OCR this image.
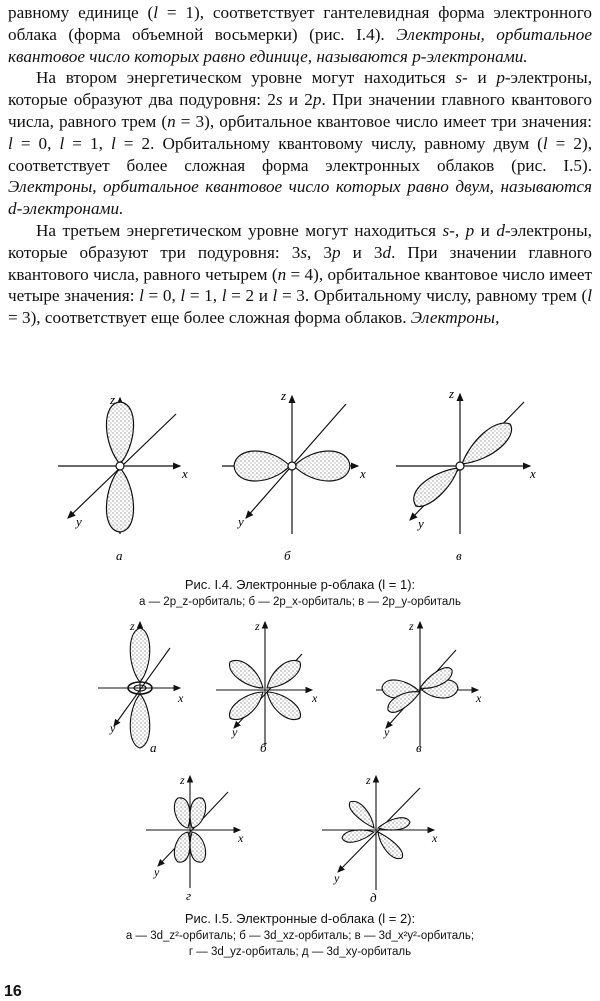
равному единице (l = 1), соответствует гантелевидная форма электронного облака (форма объемной восьмерки) (рис. I.4). Электроны, орбитальное квантовое число которых равно единице, называются p-электронами.

На втором энергетическом уровне могут находиться s- и p-электроны, которые образуют два подуровня: 2s и 2p. При значении главного квантового числа, равного трем (n = 3), орбитальное квантовое число имеет три значения: l = 0, l = 1, l = 2. Орбитальному квантовому числу, равному двум (l = 2), соответствует более сложная форма электронных облаков (рис. I.5). Электроны, орбитальное квантовое число которых равно двум, называются d-электронами.

На третьем энергетическом уровне могут находиться s-, p и d-электроны, которые образуют три подуровня: 3s, 3p и 3d. При значении главного квантового числа, равного четырем (n = 4), орбитальное квантовое число имеет четыре значения: l = 0, l = 1, l = 2 и l = 3. Орбитальному числу, равному трем (l = 3), соответствует еще более сложная форма облаков. Электроны,

z
x
y
z
x
y
z
x
y
а	б	в
Рис. I.4. Электронные p-облака (l = 1):
а — 2p_z-орбиталь; б — 2p_x-орбиталь; в — 2p_y-орбиталь
z
x
y
z
x
y
z
x
y
z
x
y
z
x
y
а	б	в
г	д
Рис. I.5. Электронные d-облака (l = 2):
а — 3d_z²-орбиталь; б — 3d_xz-орбиталь; в — 3d_x²y²-орбиталь;
г — 3d_yz-орбиталь; д — 3d_xy-орбиталь
16
